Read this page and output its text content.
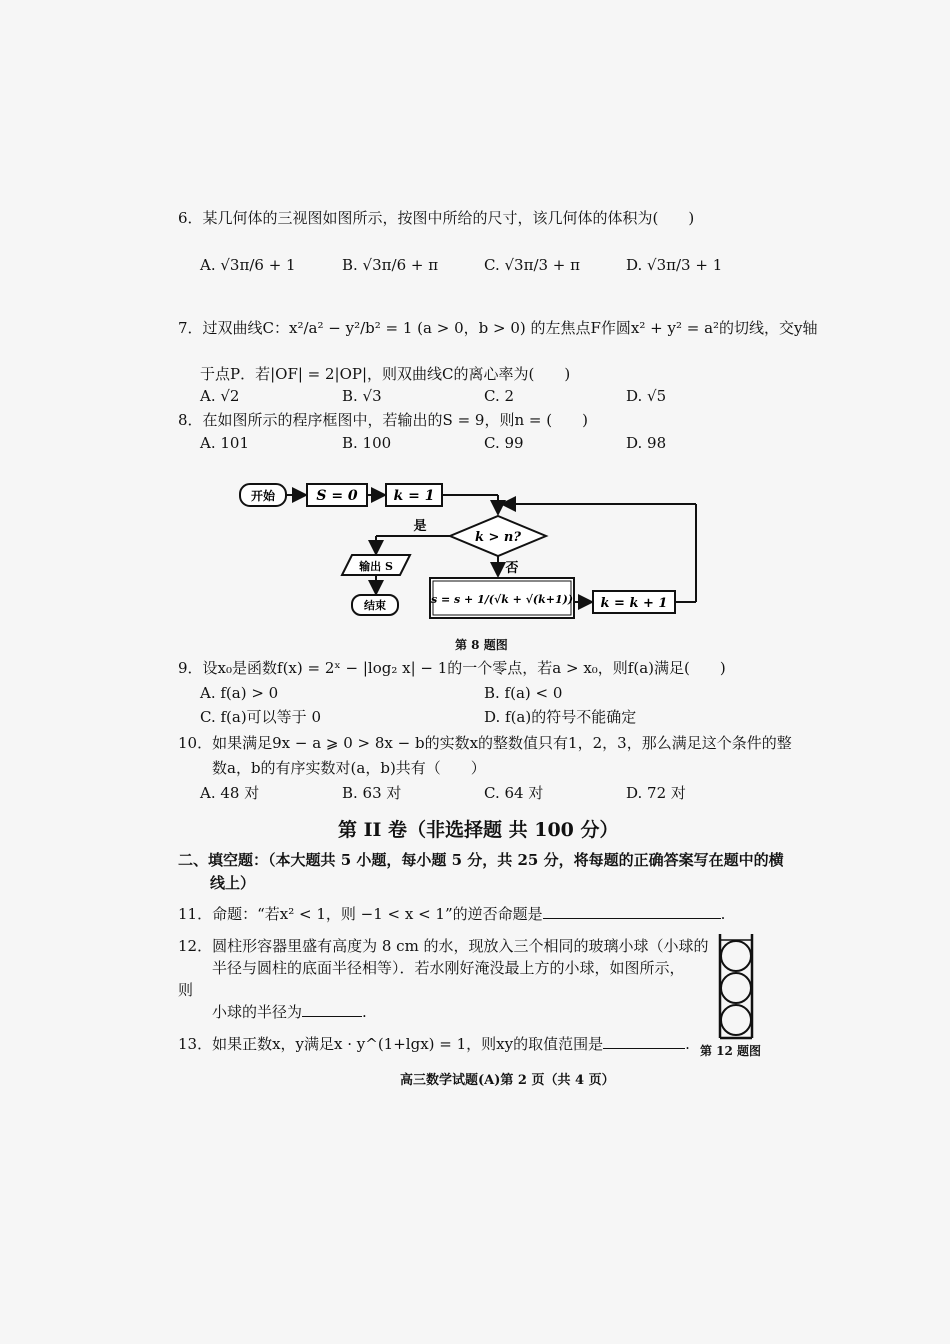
6．某几何体的三视图如图所示，按图中所给的尺寸，该几何体的体积为(　　)
A. √3π/6 + 1	B. √3π/6 + π	C. √3π/3 + π	D. √3π/3 + 1
7．过双曲线C：x²/a² − y²/b² = 1 (a > 0，b > 0) 的左焦点F作圆x² + y² = a²的切线，交y轴
于点P．若|OF| = 2|OP|，则双曲线C的离心率为(　　)
A. √2	B. √3	C. 2	D. √5
8．在如图所示的程序框图中，若输出的S = 9，则n = (　　)
A. 101	B. 100	C. 99	D. 98
开始	S = 0	k = 1
k > n?
是
输出 S
结束
否
s = s + 1/(√k + √(k+1)) k = k + 1
第 8 题图
9．设x₀是函数f(x) = 2ˣ − |log₂ x| − 1的一个零点，若a > x₀，则f(a)满足(　　)
A. f(a) > 0	B. f(a) < 0
C. f(a)可以等于 0	D. f(a)的符号不能确定
10．如果满足9x − a ⩾ 0 > 8x − b的实数x的整数值只有1，2，3，那么满足这个条件的整
数a，b的有序实数对(a，b)共有（　　）
A. 48 对	B. 63 对	C. 64 对	D. 72 对
第 II 卷（非选择题 共 100 分）
二、填空题：（本大题共 5 小题，每小题 5 分，共 25 分，将每题的正确答案写在题中的横
线上）
11．命题：“若x² < 1，则 −1 < x < 1”的逆否命题是	.
12．圆柱形容器里盛有高度为 8 cm 的水，现放入三个相同的玻璃小球（小球的
半径与圆柱的底面半径相等）．若水刚好淹没最上方的小球，如图所示，
则
小球的半径为	.
第 12 题图
13．如果正数x，y满足x · y^(1+lgx) = 1，则xy的取值范围是	.
高三数学试题(A)第 2 页（共 4 页）
